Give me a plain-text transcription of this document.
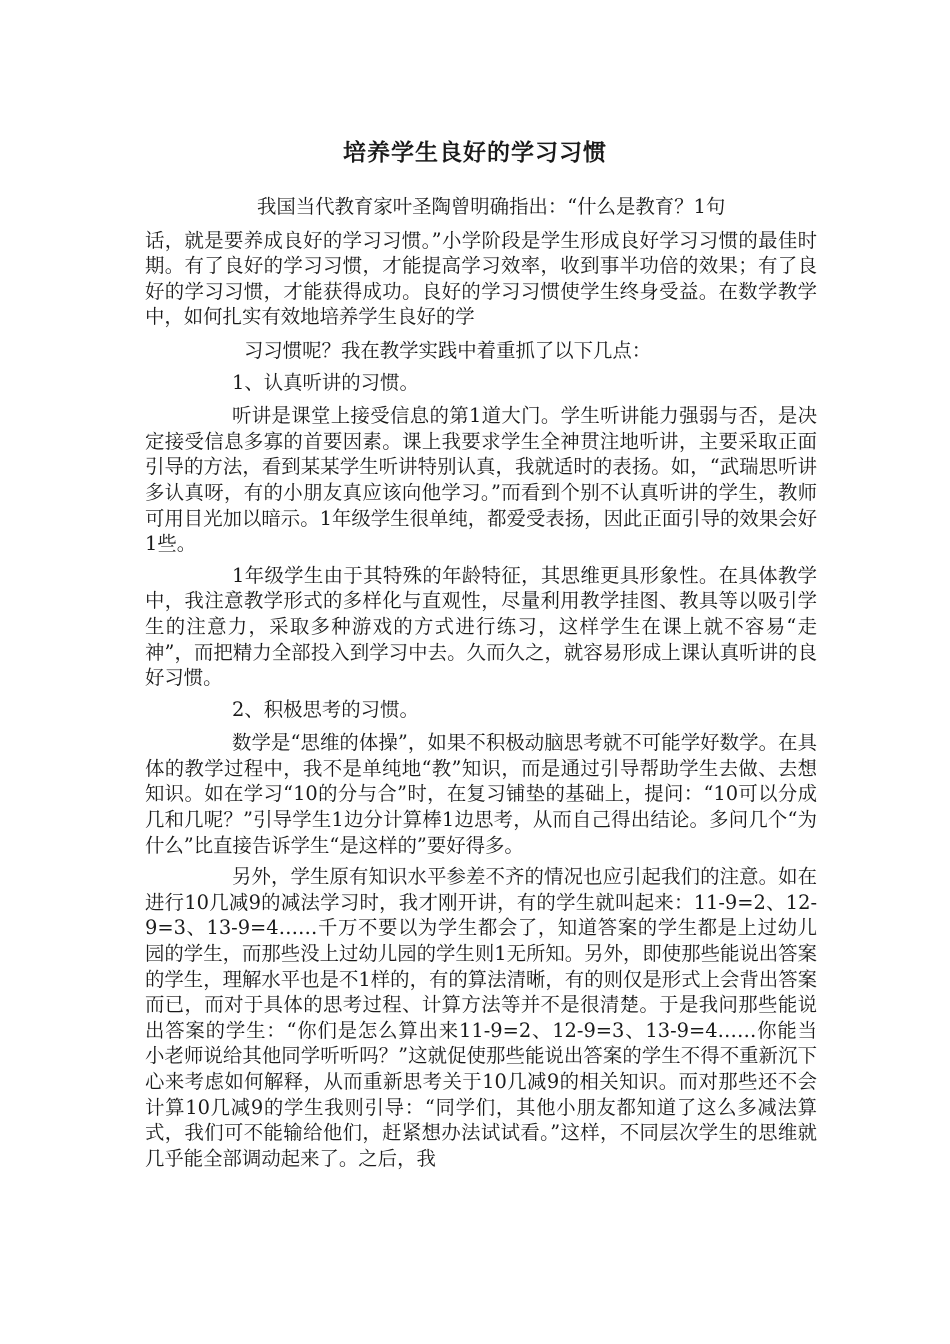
培养学生良好的学习习惯

我国当代教育家叶圣陶曾明确指出：“什么是教育？1句
话，就是要养成良好的学习习惯。”小学阶段是学生形成良好学习习惯的最佳时期。有了良好的学习习惯，才能提高学习效率，收到事半功倍的效果；有了良好的学习习惯，才能获得成功。良好的学习习惯使学生终身受益。在数学教学中，如何扎实有效地培养学生良好的学

习习惯呢？我在教学实践中着重抓了以下几点：

1、认真听讲的习惯。

听讲是课堂上接受信息的第1道大门。学生听讲能力强弱与否，是决定接受信息多寡的首要因素。课上我要求学生全神贯注地听讲，主要采取正面引导的方法，看到某某学生听讲特别认真，我就适时的表扬。如，“武瑞思听讲多认真呀，有的小朋友真应该向他学习。”而看到个别不认真听讲的学生，教师可用目光加以暗示。1年级学生很单纯，都爱受表扬，因此正面引导的效果会好1些。

1年级学生由于其特殊的年龄特征，其思维更具形象性。在具体教学中，我注意教学形式的多样化与直观性，尽量利用教学挂图、教具等以吸引学生的注意力，采取多种游戏的方式进行练习，这样学生在课上就不容易“走神”，而把精力全部投入到学习中去。久而久之，就容易形成上课认真听讲的良好习惯。

2、积极思考的习惯。

数学是“思维的体操”，如果不积极动脑思考就不可能学好数学。在具体的教学过程中，我不是单纯地“教”知识，而是通过引导帮助学生去做、去想知识。如在学习“10的分与合”时，在复习铺垫的基础上，提问：“10可以分成几和几呢？”引导学生1边分计算棒1边思考，从而自己得出结论。多问几个“为什么”比直接告诉学生“是这样的”要好得多。

另外，学生原有知识水平参差不齐的情况也应引起我们的注意。如在进行10几减9的减法学习时，我才刚开讲，有的学生就叫起来：11-9=2、12-9=3、13-9=4……千万不要以为学生都会了，知道答案的学生都是上过幼儿园的学生，而那些没上过幼儿园的学生则1无所知。另外，即使那些能说出答案的学生，理解水平也是不1样的，有的算法清晰，有的则仅是形式上会背出答案而已，而对于具体的思考过程、计算方法等并不是很清楚。于是我问那些能说出答案的学生：“你们是怎么算出来11-9=2、12-9=3、13-9=4……你能当小老师说给其他同学听听吗？”这就促使那些能说出答案的学生不得不重新沉下心来考虑如何解释，从而重新思考关于10几减9的相关知识。而对那些还不会计算10几减9的学生我则引导：“同学们，其他小朋友都知道了这么多减法算式，我们可不能输给他们，赶紧想办法试试看。”这样，不同层次学生的思维就几乎能全部调动起来了。之后，我
